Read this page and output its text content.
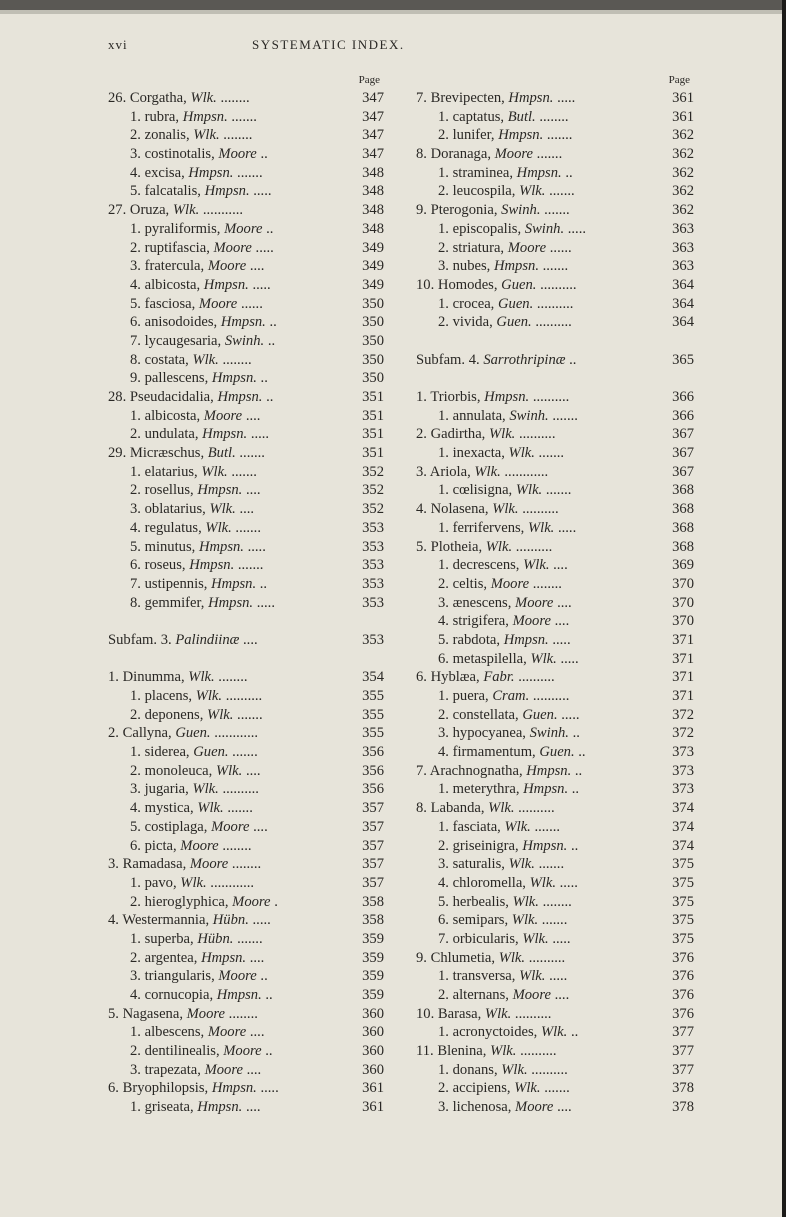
xvi	SYSTEMATIC INDEX.
Page
26. Corgatha, Wlk. ........	347
1. rubra, Hmpsn. .......	347
2. zonalis, Wlk. ........	347
3. costinotalis, Moore ..	347
4. excisa, Hmpsn. .......	348
5. falcatalis, Hmpsn. .....	348
27. Oruza, Wlk. ...........	348
1. pyraliformis, Moore ..	348
2. ruptifascia, Moore .....	349
3. fratercula, Moore ....	349
4. albicosta, Hmpsn. .....	349
5. fasciosa, Moore ......	350
6. anisodoides, Hmpsn. ..	350
7. lycaugesaria, Swinh. ..	350
8. costata, Wlk. ........	350
9. pallescens, Hmpsn. ..	350
28. Pseudacidalia, Hmpsn. ..	351
1. albicosta, Moore ....	351
2. undulata, Hmpsn. .....	351
29. Micræschus, Butl. .......	351
1. elatarius, Wlk. .......	352
2. rosellus, Hmpsn. ....	352
3. oblatarius, Wlk. ....	352
4. regulatus, Wlk. .......	353
5. minutus, Hmpsn. .....	353
6. roseus, Hmpsn. .......	353
7. ustipennis, Hmpsn. ..	353
8. gemmifer, Hmpsn. .....	353
Subfam. 3. Palindiinæ ....	353
1. Dinumma, Wlk. ........	354
1. placens, Wlk. ..........	355
2. deponens, Wlk. .......	355
2. Callyna, Guen. ............	355
1. siderea, Guen. .......	356
2. monoleuca, Wlk. ....	356
3. jugaria, Wlk. ..........	356
4. mystica, Wlk. .......	357
5. costiplaga, Moore ....	357
6. picta, Moore ........	357
3. Ramadasa, Moore ........	357
1. pavo, Wlk. ............	357
2. hieroglyphica, Moore .	358
4. Westermannia, Hübn. .....	358
1. superba, Hübn. .......	359
2. argentea, Hmpsn. ....	359
3. triangularis, Moore ..	359
4. cornucopia, Hmpsn. ..	359
5. Nagasena, Moore ........	360
1. albescens, Moore ....	360
2. dentilinealis, Moore ..	360
3. trapezata, Moore ....	360
6. Bryophilopsis, Hmpsn. .....	361
1. griseata, Hmpsn. ....	361
Page
7. Brevipecten, Hmpsn. .....	361
1. captatus, Butl. ........	361
2. lunifer, Hmpsn. .......	362
8. Doranaga, Moore .......	362
1. straminea, Hmpsn. ..	362
2. leucospila, Wlk. .......	362
9. Pterogonia, Swinh. .......	362
1. episcopalis, Swinh. .....	363
2. striatura, Moore ......	363
3. nubes, Hmpsn. .......	363
10. Homodes, Guen. ..........	364
1. crocea, Guen. ..........	364
2. vivida, Guen. ..........	364
Subfam. 4. Sarrothripinæ ..	365
1. Triorbis, Hmpsn. ..........	366
1. annulata, Swinh. .......	366
2. Gadirtha, Wlk. ..........	367
1. inexacta, Wlk. .......	367
3. Ariola, Wlk. ............	367
1. cœlisigna, Wlk. .......	368
4. Nolasena, Wlk. ..........	368
1. ferrifervens, Wlk. .....	368
5. Plotheia, Wlk. ..........	368
1. decrescens, Wlk. ....	369
2. celtis, Moore ........	370
3. ænescens, Moore ....	370
4. strigifera, Moore ....	370
5. rabdota, Hmpsn. .....	371
6. metaspilella, Wlk. .....	371
6. Hyblæa, Fabr. ..........	371
1. puera, Cram. ..........	371
2. constellata, Guen. .....	372
3. hypocyanea, Swinh. ..	372
4. firmamentum, Guen. ..	373
7. Arachnognatha, Hmpsn. ..	373
1. meterythra, Hmpsn. ..	373
8. Labanda, Wlk. ..........	374
1. fasciata, Wlk. .......	374
2. griseinigra, Hmpsn. ..	374
3. saturalis, Wlk. .......	375
4. chloromella, Wlk. .....	375
5. herbealis, Wlk. ........	375
6. semipars, Wlk. .......	375
7. orbicularis, Wlk. .....	375
9. Chlumetia, Wlk. ..........	376
1. transversa, Wlk. .....	376
2. alternans, Moore ....	376
10. Barasa, Wlk. ..........	376
1. acronyctoides, Wlk. ..	377
11. Blenina, Wlk. ..........	377
1. donans, Wlk. ..........	377
2. accipiens, Wlk. .......	378
3. lichenosa, Moore ....	378
